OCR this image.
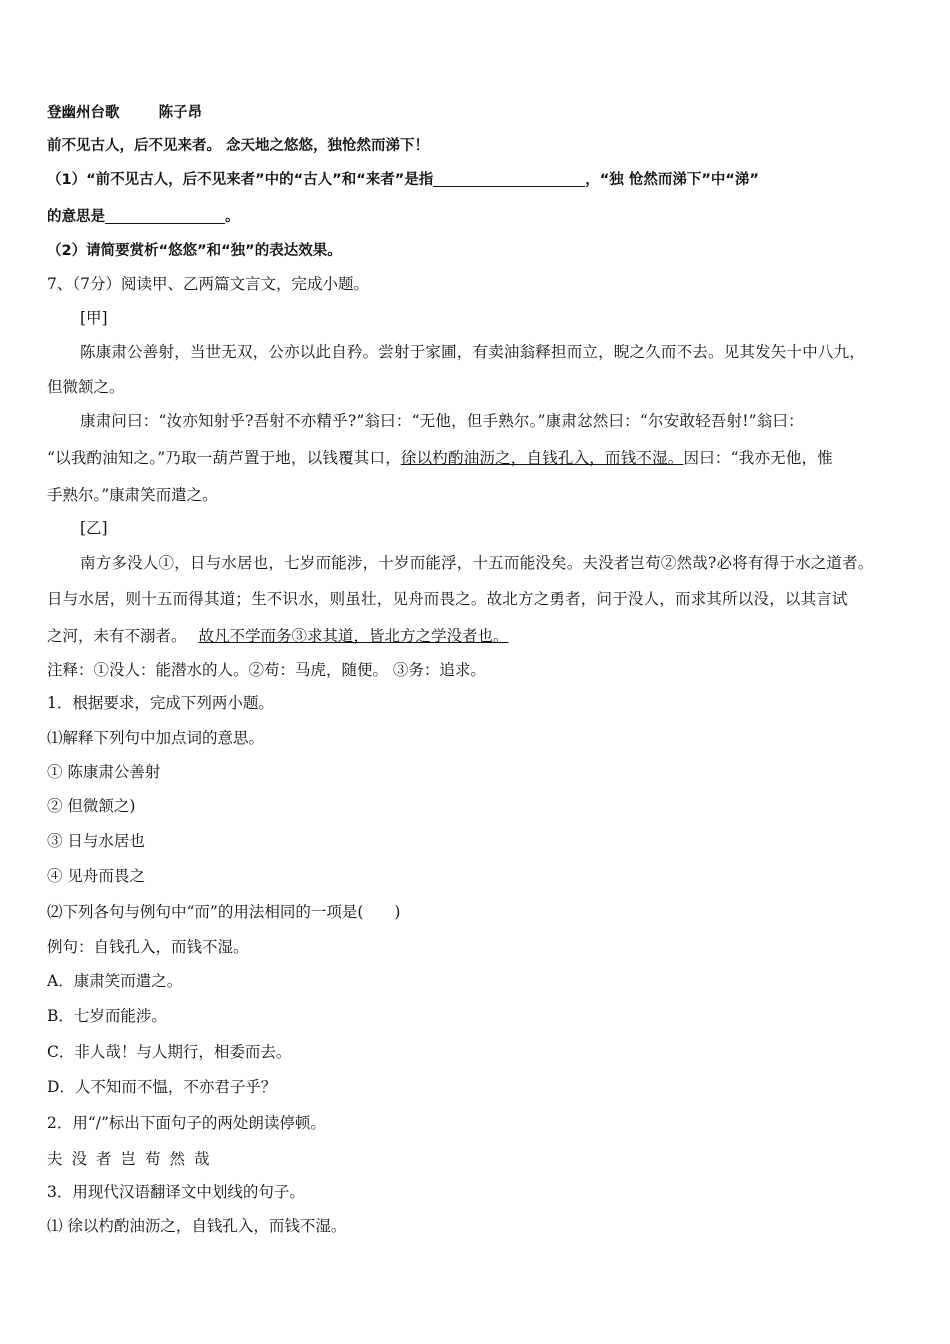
登幽州台歌	陈子昂
前不见古人，后不见来者。 念天地之悠悠，独怆然而涕下！
（1）“前不见古人，后不见来者”中的“古人”和“来者”是指	，“独 怆然而涕下”中“涕”
的意思是	。
（2）请简要赏析“悠悠”和“独”的表达效果。
7、（7分）阅读甲、乙两篇文言文，完成小题。
[甲]
陈康肃公善射，当世无双，公亦以此自矜。尝射于家圃，有卖油翁释担而立，睨之久而不去。见其发矢十中八九，
但微颔之。
康肃问曰：“汝亦知射乎?吾射不亦精乎?”翁曰：“无他，但手熟尔。”康肃忿然曰：“尔安敢轻吾射!”翁曰：
“以我酌油知之。”乃取一葫芦置于地，以钱覆其口，徐以杓酌油沥之，自钱孔入，而钱不湿。因曰：“我亦无他，惟
手熟尔。”康肃笑而遣之。
[乙]
南方多没人①，日与水居也，七岁而能涉，十岁而能浮，十五而能没矣。夫没者岂苟②然哉?必将有得于水之道者。
日与水居，则十五而得其道；生不识水，则虽壮，见舟而畏之。故北方之勇者，问于没人，而求其所以没，以其言试
之河，未有不溺者。 故凡不学而务③求其道，皆北方之学没者也。
注释：①没人：能潜水的人。②苟：马虎，随便。 ③务：追求。
1．根据要求，完成下列两小题。
⑴解释下列句中加点词的意思。
① 陈康肃公善射
② 但微颔之)
③ 日与水居也
④ 见舟而畏之
⑵下列各句与例句中“而”的用法相同的一项是(　　)
例句：自钱孔入，而钱不湿。
A．康肃笑而遣之。
B．七岁而能涉。
C．非人哉！与人期行，相委而去。
D．人不知而不愠，不亦君子乎？
2．用“/”标出下面句子的两处朗读停顿。
夫没者岂苟然哉
3．用现代汉语翻译文中划线的句子。
⑴ 徐以杓酌油沥之，自钱孔入，而钱不湿。
